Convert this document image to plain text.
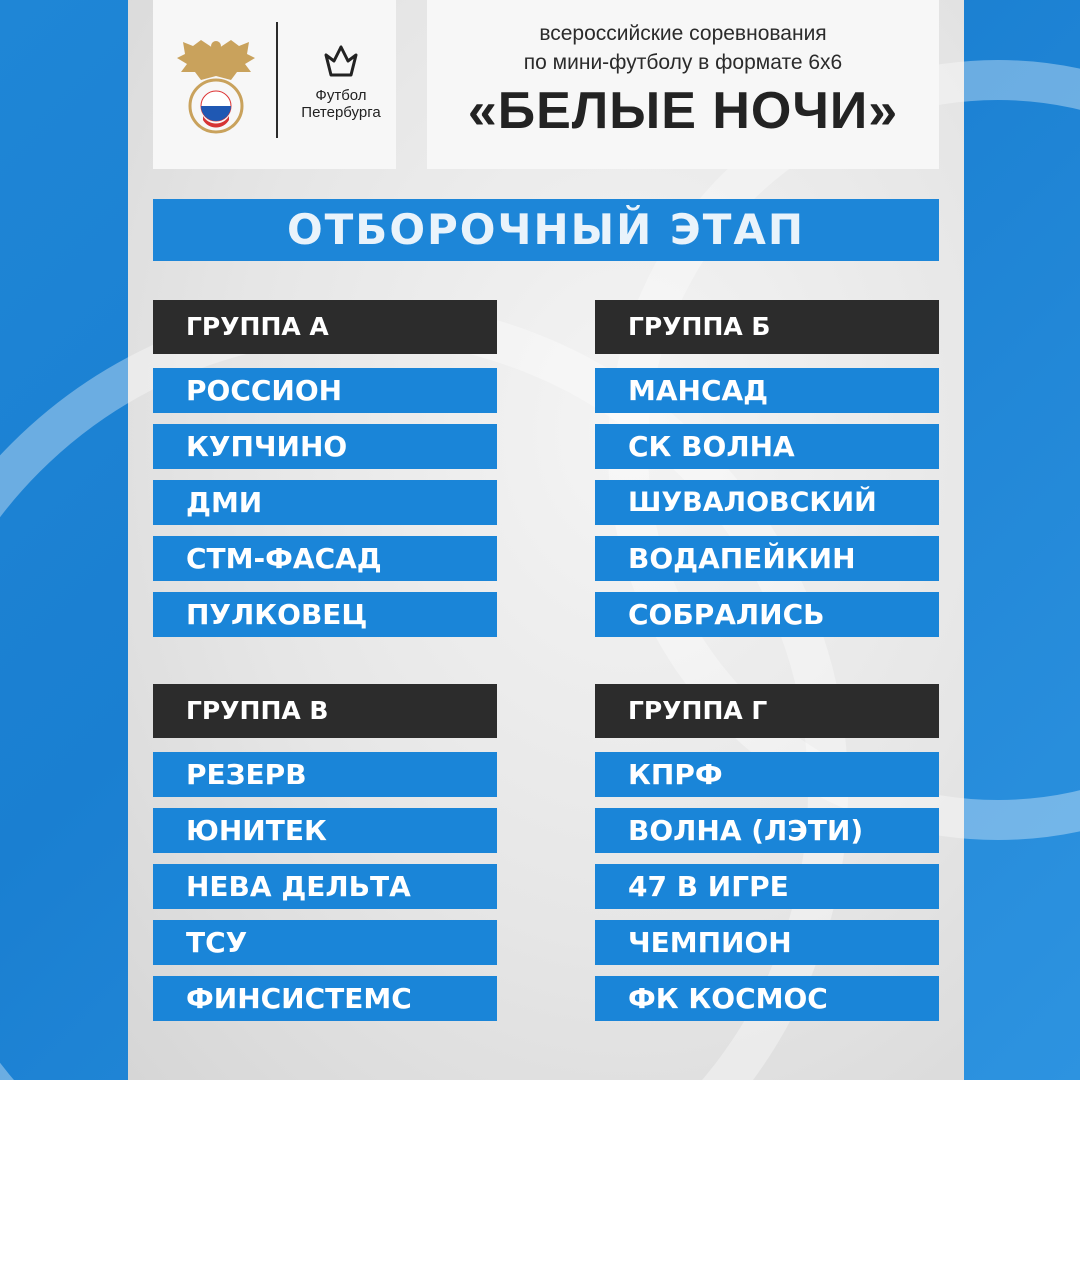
Футбол
Петербурга
всероссийские соревнования
по мини-футболу в формате 6х6
«БЕЛЫЕ НОЧИ»
ОТБОРОЧНЫЙ ЭТАП
ГРУППА А
РОССИОН
КУПЧИНО
ДМИ
СТМ-ФАСАД
ПУЛКОВЕЦ
ГРУППА Б
МАНСАД
СК ВОЛНА
ШУВАЛОВСКИЙ
ВОДАПЕЙКИН
СОБРАЛИСЬ
ГРУППА В
РЕЗЕРВ
ЮНИТЕК
НЕВА ДЕЛЬТА
ТСУ
ФИНСИСТЕМС
ГРУППА Г
КПРФ
ВОЛНА (ЛЭТИ)
47 В ИГРЕ
ЧЕМПИОН
ФК КОСМОС
